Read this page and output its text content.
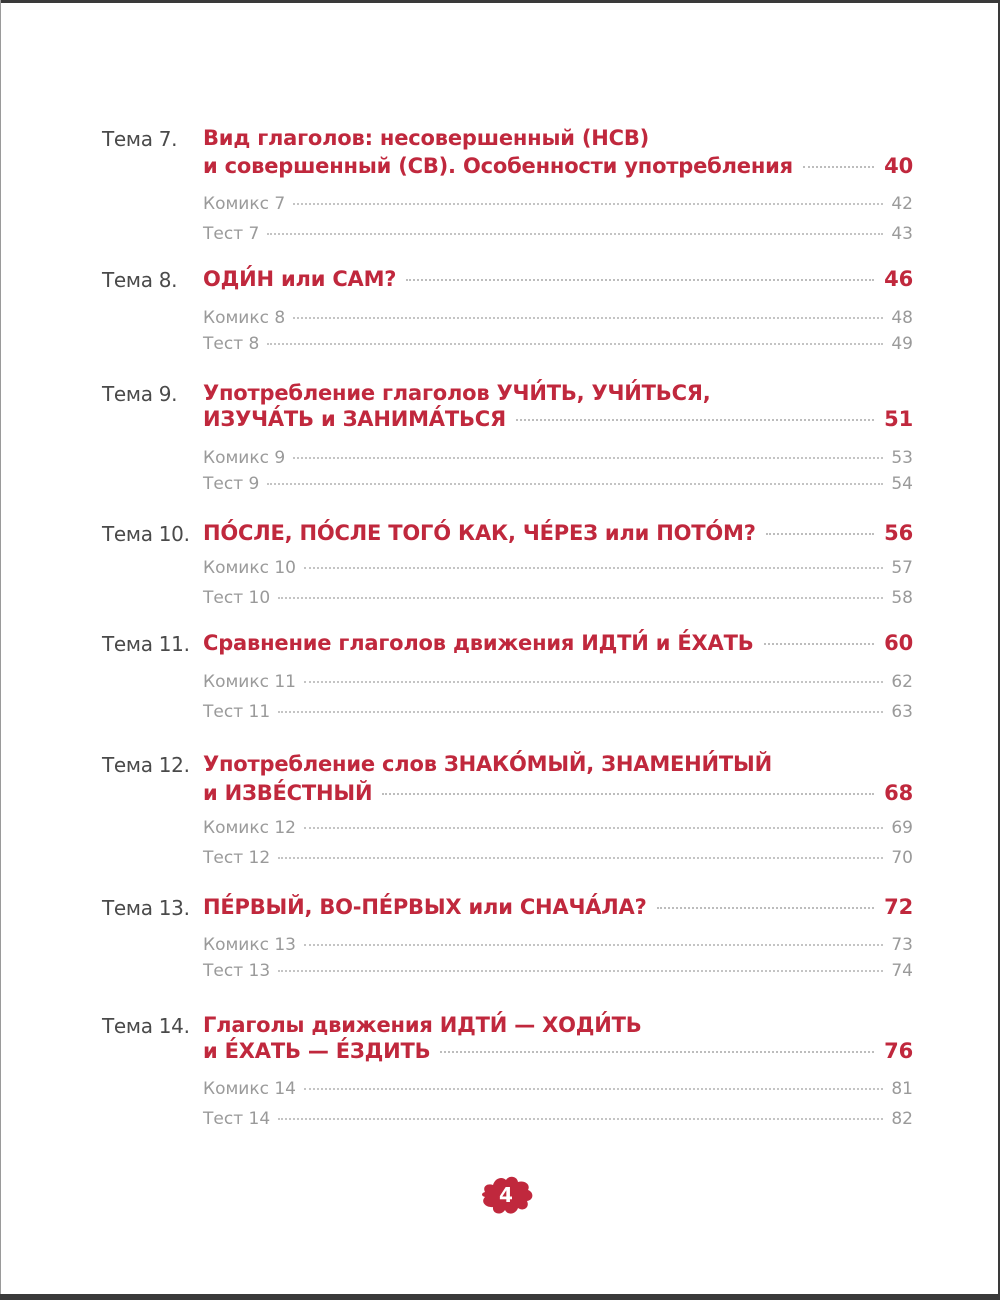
Тема 7. Вид глаголов: несовершенный (НСВ)
и совершенный (СВ). Особенности употребления	40
Комикс 7	42
Тест 7	43
Тема 8. ОДИ́Н или САМ?	46
Комикс 8	48
Тест 8	49
Тема 9. Употребление глаголов УЧИ́ТЬ, УЧИ́ТЬСЯ,
ИЗУЧА́ТЬ и ЗАНИМА́ТЬСЯ	51
Комикс 9	53
Тест 9	54
Тема 10. ПО́СЛЕ, ПО́СЛЕ ТОГО́ КАК, ЧЕ́РЕЗ или ПОТО́М?	56
Комикс 10	57
Тест 10	58
Тема 11. Сравнение глаголов движения ИДТИ́ и Е́ХАТЬ	60
Комикс 11	62
Тест 11	63
Тема 12. Употребление слов ЗНАКО́МЫЙ, ЗНАМЕНИ́ТЫЙ
и ИЗВЕ́СТНЫЙ	68
Комикс 12	69
Тест 12	70
Тема 13. ПЕ́РВЫЙ, ВО-ПЕ́РВЫХ или СНАЧА́ЛА?	72
Комикс 13	73
Тест 13	74
Тема 14. Глаголы движения ИДТИ́ — ХОДИ́ТЬ
и Е́ХАТЬ — Е́ЗДИТЬ	76
Комикс 14	81
Тест 14	82
4
